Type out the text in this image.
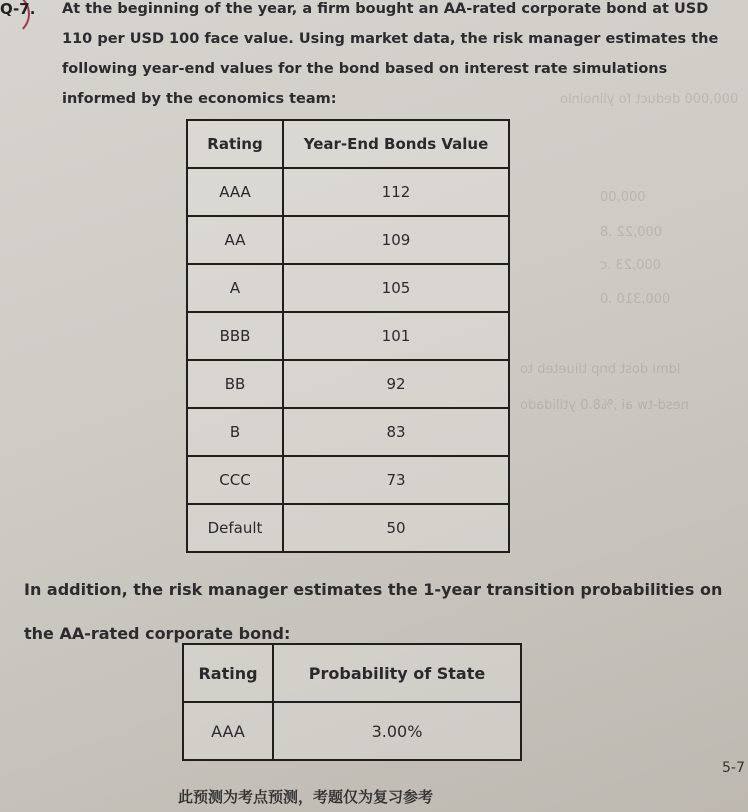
000,000 deduct fo ylinoinlo
000,00
000,22 .8
000,23 .c
000,310 .0
ldmi dost bnp tliueteb to
nesd-tw ai ,%8.0 ytilidado
Q-7. At the beginning of the year, a firm bought an AA-rated corporate bond at USD 110 per USD 100 face value. Using market data, the risk manager estimates the following year-end values for the bond based on interest rate simulations informed by the economics team:
Rating	Year-End Bonds Value
AAA	112
AA	109
A	105
BBB	101
BB	92
B	83
CCC	73
Default	50
In addition, the risk manager estimates the 1-year transition probabilities on the AA-rated corporate bond:
Rating	Probability of State
AAA	3.00%
5-7
此预测为考点预测，考题仅为复习参考
